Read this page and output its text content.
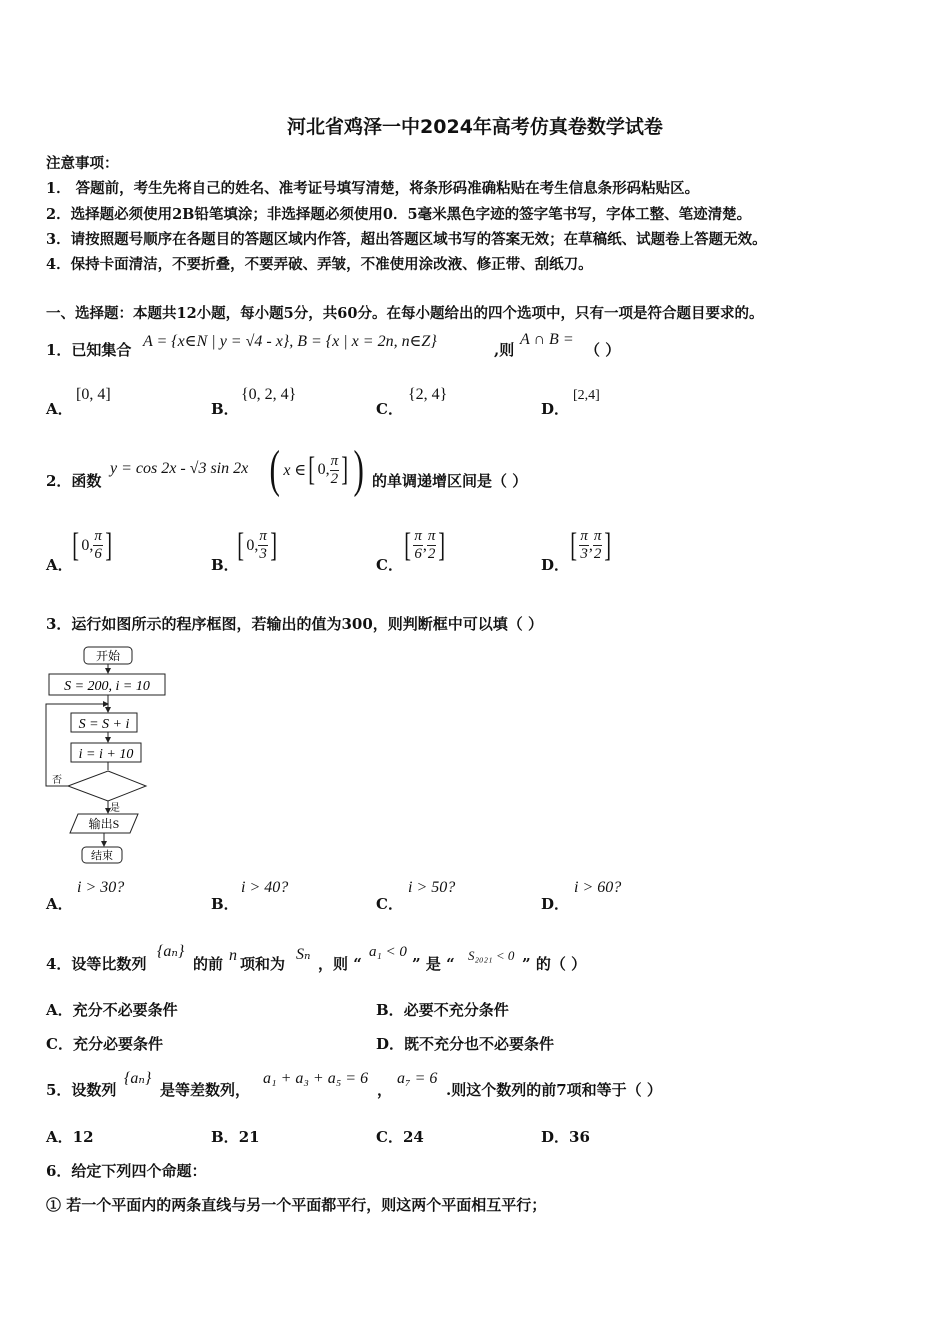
河北省鸡泽一中2024年高考仿真卷数学试卷
注意事项：
1． 答题前，考生先将自己的姓名、准考证号填写清楚，将条形码准确粘贴在考生信息条形码粘贴区。
2．选择题必须使用2B铅笔填涂；非选择题必须使用0．5毫米黑色字迹的签字笔书写，字体工整、笔迹清楚。
3．请按照题号顺序在各题目的答题区域内作答，超出答题区域书写的答案无效；在草稿纸、试题卷上答题无效。
4．保持卡面清洁，不要折叠，不要弄破、弄皱，不准使用涂改液、修正带、刮纸刀。
一、选择题：本题共12小题，每小题5分，共60分。在每小题给出的四个选项中，只有一项是符合题目要求的。
1．已知集合 A = {x∈N | y = √4 - x}, B = {x | x = 2n, n∈Z}	,则
A ∩ B =
（ ）
A．
[0, 4]
B．
{0, 2, 4}
C．
{2, 4}
D．
[2,4]
2．函数
y = cos 2x - √3 sin 2x ( x ∈ [ 0, $\frac{\pi}{2}$ ] ) 的单调递增区间是（ ）
A．
[ 0, $\frac{\pi}{6}$ ]
B．
[ 0, $\frac{\pi}{3}$ ]
C．
[ $\frac{\pi}{6}$ , $\frac{\pi}{2}$ ]
D．
[ $\frac{\pi}{3}$ , $\frac{\pi}{2}$ ]
3．运行如图所示的程序框图，若输出的值为300，则判断框中可以填（ ）
开始
S = 200, i = 10
S = S + i
i = i + 10
否
是
输出S
结束
A．
i > 30?
B．
i > 40?
C．
i > 50?
D．
i > 60?
4．设等比数列
{aₙ}
的前 n 项和为
Sₙ
，则 “
a₁ < 0
” 是 “ S₂₀₂₁ < 0 ” 的（ ）
A．充分不必要条件	B．必要不充分条件
C．充分必要条件	D．既不充分也不必要条件
5．设数列
{aₙ}
是等差数列，
a₁ + a₃ + a₅ = 6
，
a₇ = 6
.则这个数列的前7项和等于（ ）
A．12	B．21	C．24	D．36
6．给定下列四个命题：
① 若一个平面内的两条直线与另一个平面都平行，则这两个平面相互平行；
